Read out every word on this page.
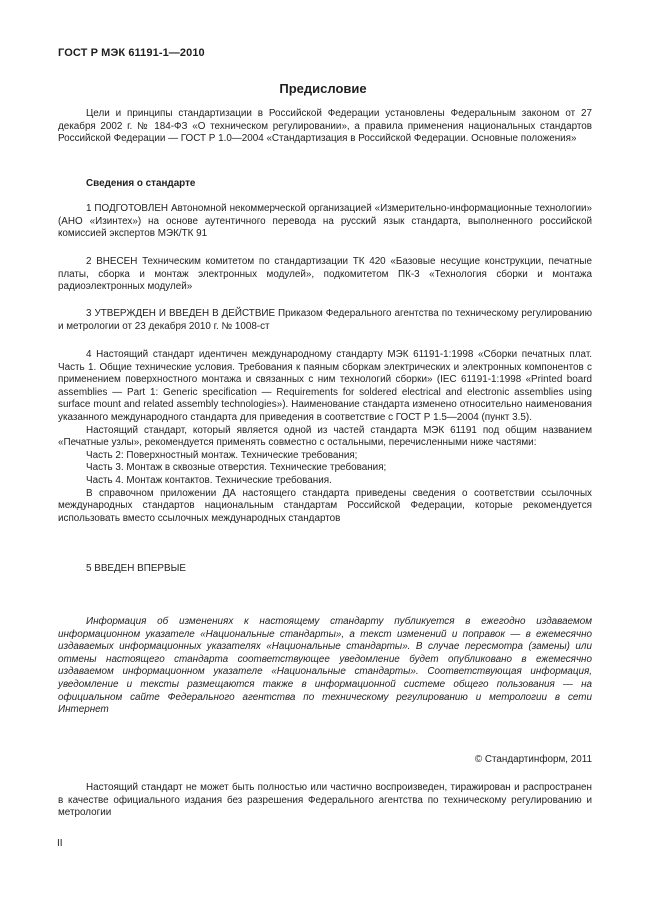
ГОСТ Р МЭК 61191-1—2010
Предисловие

Цели и принципы стандартизации в Российской Федерации установлены Федеральным законом от 27 декабря 2002 г. № 184-ФЗ «О техническом регулировании», а правила применения национальных стандартов Российской Федерации — ГОСТ Р 1.0—2004 «Стандартизация в Российской Федерации. Основные положения»

Сведения о стандарте

1 ПОДГОТОВЛЕН Автономной некоммерческой организацией «Измерительно-информационные технологии» (АНО «Изинтех») на основе аутентичного перевода на русский язык стандарта, выполненного российской комиссией экспертов МЭК/ТК 91

2 ВНЕСЕН Техническим комитетом по стандартизации ТК 420 «Базовые несущие конструкции, печатные платы, сборка и монтаж электронных модулей», подкомитетом ПК-3 «Технология сборки и монтажа радиоэлектронных модулей»

3 УТВЕРЖДЕН И ВВЕДЕН В ДЕЙСТВИЕ Приказом Федерального агентства по техническому регулированию и метрологии от 23 декабря 2010 г. № 1008-ст

4 Настоящий стандарт идентичен международному стандарту МЭК 61191-1:1998 «Сборки печатных плат. Часть 1. Общие технические условия. Требования к паяным сборкам электрических и электронных компонентов с применением поверхностного монтажа и связанных с ним технологий сборки» (IEC 61191-1:1998 «Printed board assemblies — Part 1: Generic specification — Requirements for soldered electrical and electronic assemblies using surface mount and related assembly technologies»). Наименование стандарта изменено относительно наименования указанного международного стандарта для приведения в соответствие с ГОСТ Р 1.5—2004 (пункт 3.5).

Настоящий стандарт, который является одной из частей стандарта МЭК 61191 под общим названием «Печатные узлы», рекомендуется применять совместно с остальными, перечисленными ниже частями:

Часть 2: Поверхностный монтаж. Технические требования;

Часть 3. Монтаж в сквозные отверстия. Технические требования;

Часть 4. Монтаж контактов. Технические требования.

В справочном приложении ДА настоящего стандарта приведены сведения о соответствии ссылочных международных стандартов национальным стандартам Российской Федерации, которые рекомендуется использовать вместо ссылочных международных стандартов

5 ВВЕДЕН ВПЕРВЫЕ

Информация об изменениях к настоящему стандарту публикуется в ежегодно издаваемом информационном указателе «Национальные стандарты», а текст изменений и поправок — в ежемесячно издаваемых информационных указателях «Национальные стандарты». В случае пересмотра (замены) или отмены настоящего стандарта соответствующее уведомление будет опубликовано в ежемесячно издаваемом информационном указателе «Национальные стандарты». Соответствующая информация, уведомление и тексты размещаются также в информационной системе общего пользования — на официальном сайте Федерального агентства по техническому регулированию и метрологии в сети Интернет

© Стандартинформ, 2011

Настоящий стандарт не может быть полностью или частично воспроизведен, тиражирован и распространен в качестве официального издания без разрешения Федерального агентства по техническому регулированию и метрологии

II
